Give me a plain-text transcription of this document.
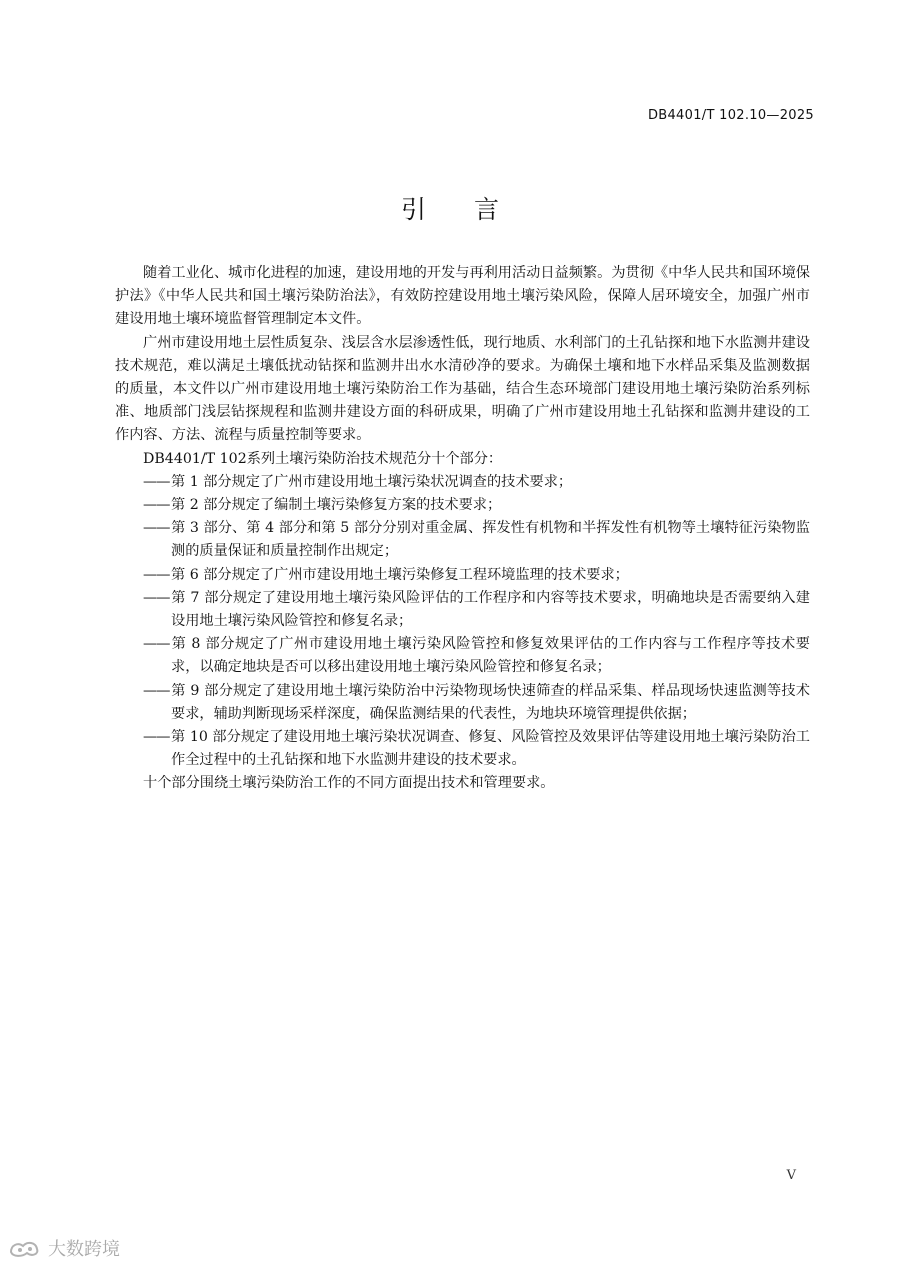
DB4401/T 102.10—2025
引言

随着工业化、城市化进程的加速，建设用地的开发与再利用活动日益频繁。为贯彻《中华人民共和国环境保护法》《中华人民共和国土壤污染防治法》，有效防控建设用地土壤污染风险，保障人居环境安全，加强广州市建设用地土壤环境监督管理制定本文件。

广州市建设用地土层性质复杂、浅层含水层渗透性低，现行地质、水利部门的土孔钻探和地下水监测井建设技术规范，难以满足土壤低扰动钻探和监测井出水水清砂净的要求。为确保土壤和地下水样品采集及监测数据的质量，本文件以广州市建设用地土壤污染防治工作为基础，结合生态环境部门建设用地土壤污染防治系列标准、地质部门浅层钻探规程和监测井建设方面的科研成果，明确了广州市建设用地土孔钻探和监测井建设的工作内容、方法、流程与质量控制等要求。

DB4401/T 102系列土壤污染防治技术规范分十个部分：

—— 第 1 部分规定了广州市建设用地土壤污染状况调查的技术要求；
—— 第 2 部分规定了编制土壤污染修复方案的技术要求；
—— 第 3 部分、第 4 部分和第 5 部分分别对重金属、挥发性有机物和半挥发性有机物等土壤特征污染物监测的质量保证和质量控制作出规定；
—— 第 6 部分规定了广州市建设用地土壤污染修复工程环境监理的技术要求；
—— 第 7 部分规定了建设用地土壤污染风险评估的工作程序和内容等技术要求，明确地块是否需要纳入建设用地土壤污染风险管控和修复名录；
—— 第 8 部分规定了广州市建设用地土壤污染风险管控和修复效果评估的工作内容与工作程序等技术要求，以确定地块是否可以移出建设用地土壤污染风险管控和修复名录；
—— 第 9 部分规定了建设用地土壤污染防治中污染物现场快速筛查的样品采集、样品现场快速监测等技术要求，辅助判断现场采样深度，确保监测结果的代表性，为地块环境管理提供依据；
—— 第 10 部分规定了建设用地土壤污染状况调查、修复、风险管控及效果评估等建设用地土壤污染防治工作全过程中的土孔钻探和地下水监测井建设的技术要求。

十个部分围绕土壤污染防治工作的不同方面提出技术和管理要求。

V
大数跨境
